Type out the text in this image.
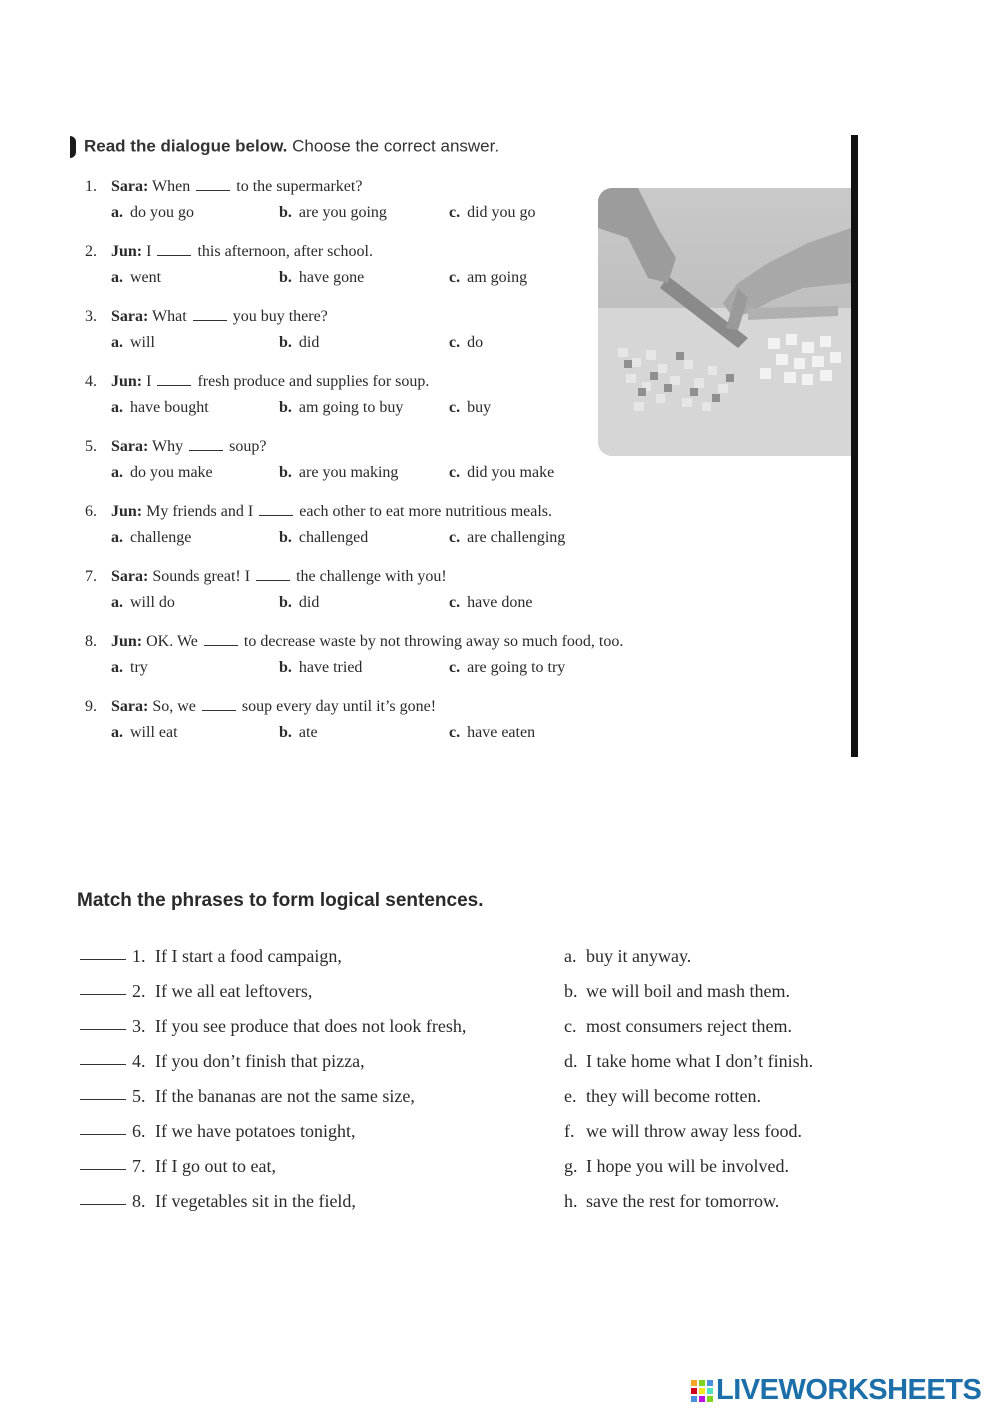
Read the dialogue below. Choose the correct answer.
1. Sara: When	to the supermarket?
a. do you go	b. are you going	c. did you go
2. Jun: I	this afternoon, after school.
a. went	b. have gone	c. am going
3. Sara: What	you buy there?
a. will	b. did	c. do
4. Jun: I	fresh produce and supplies for soup.
a. have bought	b. am going to buy	c. buy
5. Sara: Why	soup?
a. do you make	b. are you making	c. did you make
6. Jun: My friends and I	each other to eat more nutritious meals.
a. challenge	b. challenged	c. are challenging
7. Sara: Sounds great! I	the challenge with you!
a. will do	b. did	c. have done
8. Jun: OK. We	to decrease waste by not throwing away so much food, too.
a. try	b. have tried	c. are going to try
9. Sara: So, we	soup every day until it’s gone!
a. will eat	b. ate	c. have eaten
Match the phrases to form logical sentences.
1. If I start a food campaign,	a. buy it anyway.
2. If we all eat leftovers,	b. we will boil and mash them.
3. If you see produce that does not look fresh,	c. most consumers reject them.
4. If you don’t finish that pizza,	d. I take home what I don’t finish.
5. If the bananas are not the same size,	e. they will become rotten.
6. If we have potatoes tonight,	f. we will throw away less food.
7. If I go out to eat,	g. I hope you will be involved.
8. If vegetables sit in the field,	h. save the rest for tomorrow.
LIVEWORKSHEETS
